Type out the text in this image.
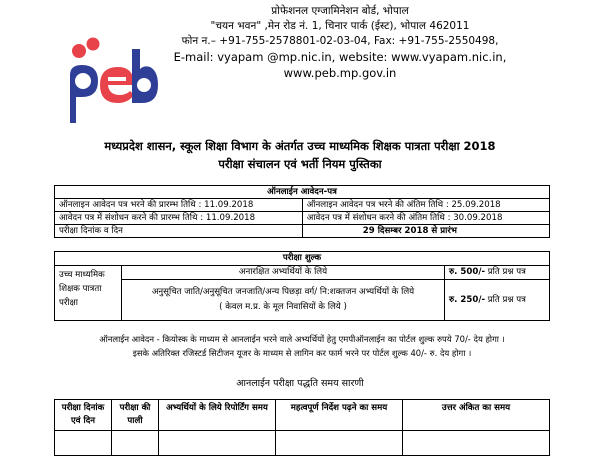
प्रोफेशनल एग्जामिनेशन बोर्ड, भोपाल
"चयन भवन" ,मेन रोड नं. 1, चिनार पार्क (ईस्ट), भोपाल 462011
फोन न.– +91-755-2578801-02-03-04, Fax: +91-755-2550498,
E-mail: vyapam @mp.nic.in, website: www.vyapam.nic.in,
www.peb.mp.gov.in
मध्यप्रदेश शासन, स्कूल शिक्षा विभाग के अंतर्गत उच्च माध्यमिक शिक्षक पात्रता परीक्षा 2018
परीक्षा संचालन एवं भर्ती नियम पुस्तिका
ऑनलाईन आवेदन-पत्र	
ऑनलाइन आवेदन पत्र भरने की प्रारम्भ तिथि : 11.09.2018	ऑनलाइन आवेदन पत्र भरने की अंतिम तिथि : 25.09.2018
आवेदन पत्र में संशोधन करने की प्रारम्भ तिथि : 11.09.2018	आवेदन पत्र में संशोधन करने की अंतिम तिथि : 30.09.2018
परीक्षा दिनांक व दिन	29 दिसम्बर 2018 से प्रारंभ
परीक्षा शुल्क		
उच्च माध्यमिक शिक्षक पात्रता परीक्षा	अनारक्षित अभ्यर्थियों के लिये	रु. 500/- प्रति प्रश्न पत्र

	अनुसूचित जाति/अनुसूचित जनजाति/अन्य पिछड़ा वर्ग/ नि:शक्तजन अभ्यर्थियों के लिये
( केवल म.प्र. के मूल निवासियों के लिये )	रु. 250/- प्रति प्रश्न पत्र
ऑनलाईन आवेदन - कियोस्क के माध्यम से आनलाईन भरने वाले अभ्यर्थियों हेतु एमपीऑनलाईन का पोर्टल शुल्क रुपये 70/- देय होगा ।
इसके अतिरिक्त रजिस्टर्ड सिटीजन यूजर के माध्यम से लागिन कर फार्म भरने पर पोर्टल शुल्क 40/- रु. देय होगा ।
आनलाईन परीक्षा पद्धति समय सारणी
परीक्षा दिनांक एवं दिन	परीक्षा की पाली	अभ्यर्थियों के लिये रिपोर्टिंग समय	महत्वपूर्ण निर्देश पढ़ने का समय	उत्तर अंकित का समय
